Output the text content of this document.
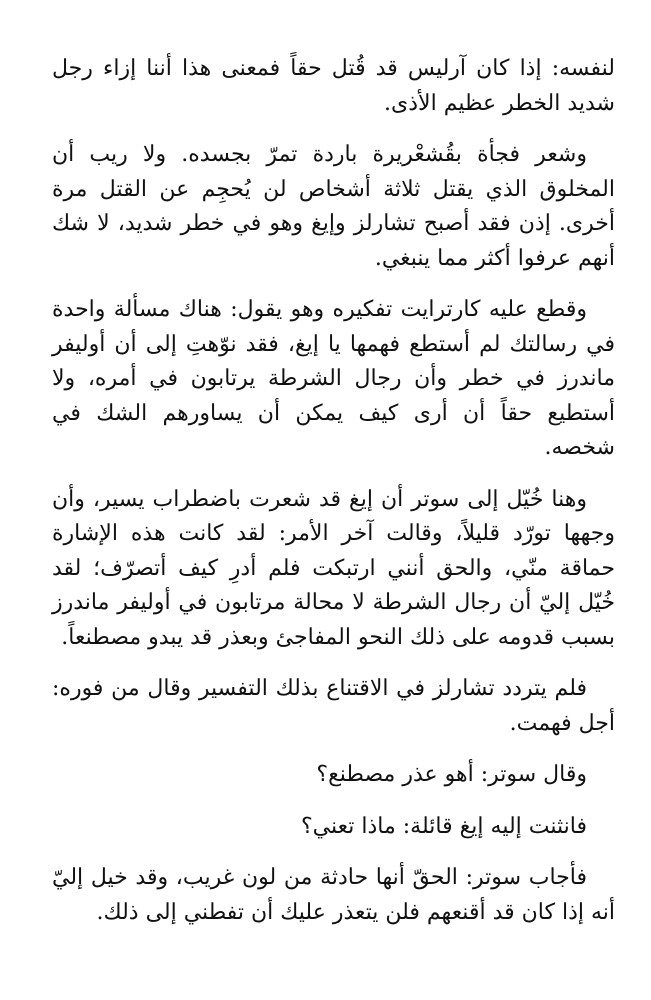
لنفسه: إذا كان آرليس قد قُتل حقاً فمعنى هذا أننا إزاء رجل شديد الخطر عظيم الأذى.

وشعر فجأة بقُشعْريرة باردة تمرّ بجسده. ولا ريب أن المخلوق الذي يقتل ثلاثة أشخاص لن يُحجِم عن القتل مرة أخرى. إذن فقد أصبح تشارلز وإيغ وهو في خطر شديد، لا شك أنهم عرفوا أكثر مما ينبغي.

وقطع عليه كارترايت تفكيره وهو يقول: هناك مسألة واحدة في رسالتك لم أستطع فهمها يا إيغ، فقد نوّهتِ إلى أن أوليفر ماندرز في خطر وأن رجال الشرطة يرتابون في أمره، ولا أستطيع حقاً أن أرى كيف يمكن أن يساورهم الشك في شخصه.

وهنا خُيّل إلى سوتر أن إيغ قد شعرت باضطراب يسير، وأن وجهها تورّد قليلاً، وقالت آخر الأمر: لقد كانت هذه الإشارة حماقة منّي، والحق أنني ارتبكت فلم أدرِ كيف أتصرّف؛ لقد خُيّل إليّ أن رجال الشرطة لا محالة مرتابون في أوليفر ماندرز بسبب قدومه على ذلك النحو المفاجئ وبعذر قد يبدو مصطنعاً.

فلم يتردد تشارلز في الاقتناع بذلك التفسير وقال من فوره: أجل فهمت.

وقال سوتر: أهو عذر مصطنع؟

فانثنت إليه إيغ قائلة: ماذا تعني؟

فأجاب سوتر: الحقّ أنها حادثة من لون غريب، وقد خيل إليّ أنه إذا كان قد أقنعهم فلن يتعذر عليك أن تفطني إلى ذلك.
